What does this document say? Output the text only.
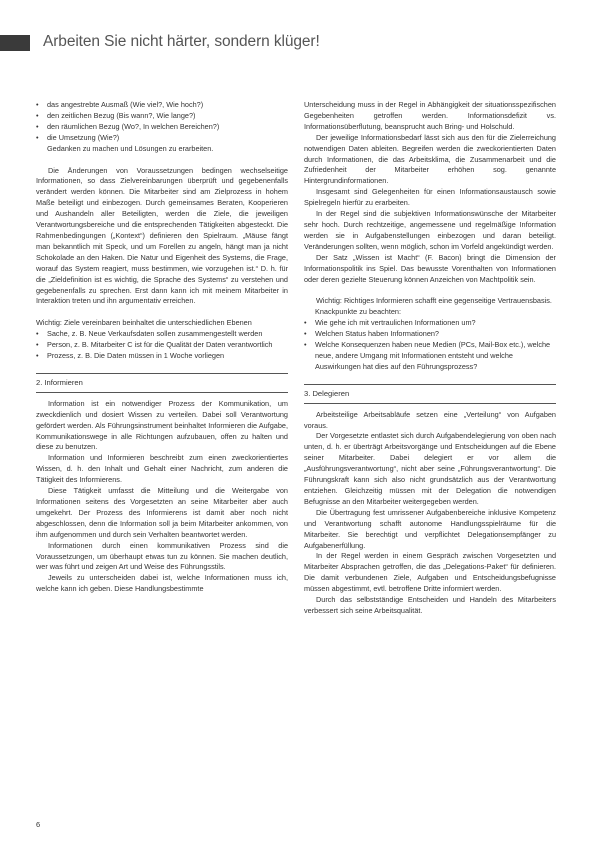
Arbeiten Sie nicht härter, sondern klüger!
• das angestrebte Ausmaß (Wie viel?, Wie hoch?)
• den zeitlichen Bezug (Bis wann?, Wie lange?)
• den räumlichen Bezug (Wo?, In welchen Bereichen?)
• die Umsetzung (Wie?)

Gedanken zu machen und Lösungen zu erarbeiten.

Die Änderungen von Voraussetzungen bedingen wechselseitige Informationen, so dass Zielvereinbarungen überprüft und gegebenenfalls verändert werden können. Die Mitarbeiter sind am Zielprozess in hohem Maße beteiligt und einbezogen. Durch gemeinsames Beraten, Kooperieren und Aushandeln aller Beteiligten, werden die Ziele, die jeweiligen Verantwortungsbereiche und die entsprechenden Tätigkeiten abgesteckt. Die Rahmenbedingungen („Kontext“) definieren den Spielraum. „Mäuse fängt man bekanntlich mit Speck, und um Forellen zu angeln, hängt man ja nicht Schokolade an den Haken. Die Natur und Eigenheit des Systems, die Frage, worauf das System reagiert, muss bestimmen, wie vorzugehen ist.“ D. h. für die „Zieldefinition ist es wichtig, die Sprache des Systems“ zu verstehen und gegebenenfalls zu sprechen. Erst dann kann ich mit meinem Mitarbeiter in Interaktion treten und ihn argumentativ erreichen.

Wichtig: Ziele vereinbaren beinhaltet die unterschiedlichen Ebenen

• Sache, z. B. Neue Verkaufsdaten sollen zusammengestellt werden
• Person, z. B. Mitarbeiter C ist für die Qualität der Daten verantwortlich
• Prozess, z. B. Die Daten müssen in 1 Woche vorliegen

2. Informieren

Information ist ein notwendiger Prozess der Kommunikation, um zweckdienlich und dosiert Wissen zu verteilen. Dabei soll Verantwortung gefördert werden. Als Führungsinstrument beinhaltet Informieren die Aufgabe, Kommunikationswege in alle Richtungen aufzubauen, offen zu halten und diese zu benutzen.

Information und Informieren beschreibt zum einen zweckorientiertes Wissen, d. h. den Inhalt und Gehalt einer Nachricht, zum anderen die Tätigkeit des Informierens.

Diese Tätigkeit umfasst die Mitteilung und die Weitergabe von Informationen seitens des Vorgesetzten an seine Mitarbeiter aber auch umgekehrt. Der Prozess des Informierens ist damit aber noch nicht abgeschlossen, denn die Information soll ja beim Mitarbeiter ankommen, von ihm aufgenommen und durch sein Verhalten beantwortet werden.

Informationen durch einen kommunikativen Prozess sind die Voraussetzungen, um überhaupt etwas tun zu können. Sie machen deutlich, wer was führt und zeigen Art und Weise des Führungsstils.

Jeweils zu unterscheiden dabei ist, welche Informationen muss ich, welche kann ich geben. Diese Handlungsbestimmte

Unterscheidung muss in der Regel in Abhängigkeit der situationsspezifischen Gegebenheiten getroffen werden. Informationsdefizit vs. Informationsüberflutung, beansprucht auch Bring- und Holschuld.

Der jeweilige Informationsbedarf lässt sich aus den für die Zielerreichung notwendigen Daten ableiten. Begreifen werden die zweckorientierten Daten durch Informationen, die das Arbeitsklima, die Zusammenarbeit und die Zufriedenheit der Mitarbeiter erhöhen sog. genannte Hintergrundinformationen.

Insgesamt sind Gelegenheiten für einen Informationsaustausch sowie Spielregeln hierfür zu erarbeiten.

In der Regel sind die subjektiven Informationswünsche der Mitarbeiter sehr hoch. Durch rechtzeitige, angemessene und regelmäßige Information werden sie in Aufgabenstellungen einbezogen und daran beteiligt. Veränderungen sollten, wenn möglich, schon im Vorfeld angekündigt werden.

Der Satz „Wissen ist Macht“ (F. Bacon) bringt die Dimension der Informationspolitik ins Spiel. Das bewusste Vorenthalten von Informationen oder deren gezielte Steuerung können Anzeichen von Machtpolitik sein.

Wichtig: Richtiges Informieren schafft eine gegenseitige Vertrauensbasis.

Knackpunkte zu beachten:

• Wie gehe ich mit vertraulichen Informationen um?
• Welchen Status haben Informationen?
• Welche Konsequenzen haben neue Medien (PCs, Mail-Box etc.), welche neue, andere Umgang mit Informationen entsteht und welche Auswirkungen hat dies auf den Führungsprozess?

3. Delegieren

Arbeitsteilige Arbeitsabläufe setzen eine „Verteilung“ von Aufgaben voraus.

Der Vorgesetzte entlastet sich durch Aufgabendelegierung von oben nach unten, d. h. er überträgt Arbeitsvorgänge und Entscheidungen auf die Ebene seiner Mitarbeiter. Dabei delegiert er vor allem die „Ausführungsverantwortung“, nicht aber seine „Führungsverantwortung“. Die Führungskraft kann sich also nicht grundsätzlich aus der Verantwortung entziehen. Gleichzeitig müssen mit der Delegation die notwendigen Befugnisse an den Mitarbeiter weitergegeben werden.

Die Übertragung fest umrissener Aufgabenbereiche inklusive Kompetenz und Verantwortung schafft autonome Handlungsspielräume für die Mitarbeiter. Sie berechtigt und verpflichtet Delegationsempfänger zu Aufgabenerfüllung.

In der Regel werden in einem Gespräch zwischen Vorgesetzten und Mitarbeiter Absprachen getroffen, die das „Delegations-Paket“ für definieren. Die damit verbundenen Ziele, Aufgaben und Entscheidungsbefugnisse müssen abgestimmt, evtl. betroffene Dritte informiert werden.

Durch das selbstständige Entscheiden und Handeln des Mitarbeiters verbessert sich seine Arbeitsqualität.

6
